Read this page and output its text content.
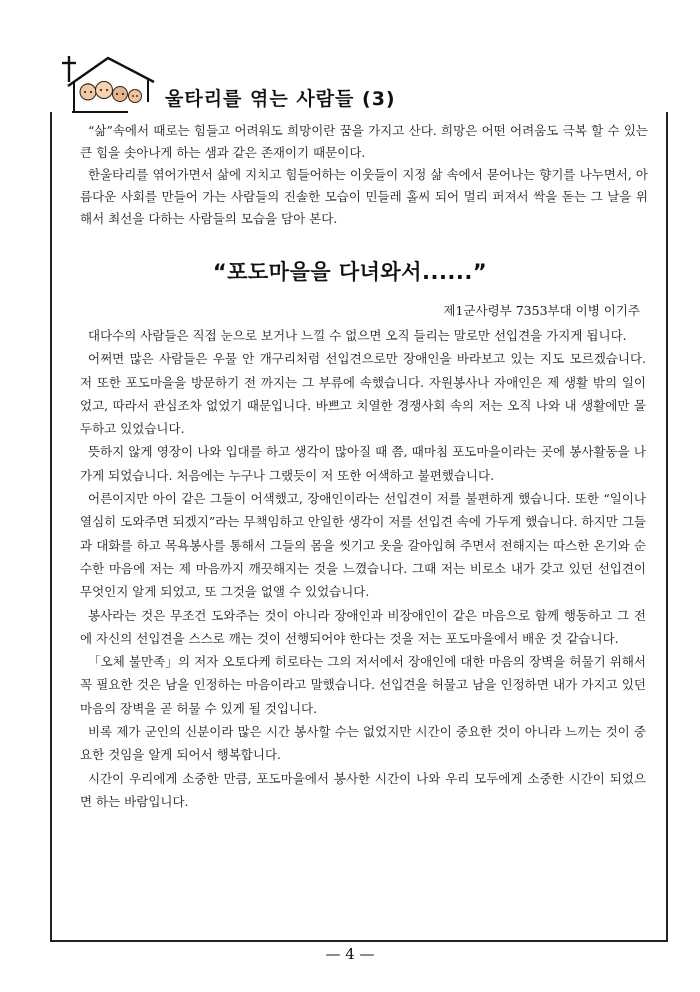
울타리를 엮는 사람들 (3)

“삶”속에서 때로는 힘들고 어려워도 희망이란 꿈을 가지고 산다. 희망은 어떤 어려움도 극복 할 수 있는 큰 힘을 솟아나게 하는 샘과 같은 존재이기 때문이다.

한울타리를 엮어가면서 삶에 지치고 힘들어하는 이웃들이 지정 삶 속에서 묻어나는 향기를 나누면서, 아름다운 사회를 만들어 가는 사람들의 진솔한 모습이 민들레 홀씨 되어 멀리 퍼져서 싹을 돋는 그 날을 위해서 최선을 다하는 사람들의 모습을 담아 본다.

“포도마을을 다녀와서......”
제1군사령부 7353부대 이병 이기주

대다수의 사람들은 직접 눈으로 보거나 느낄 수 없으면 오직 들리는 말로만 선입견을 가지게 됩니다.

어쩌면 많은 사람들은 우물 안 개구리처럼 선입견으로만 장애인을 바라보고 있는 지도 모르겠습니다. 저 또한 포도마을을 방문하기 전 까지는 그 부류에 속했습니다. 자원봉사나 자애인은 제 생활 밖의 일이었고, 따라서 관심조차 없었기 때문입니다. 바쁘고 치열한 경쟁사회 속의 저는 오직 나와 내 생활에만 몰두하고 있었습니다.

뜻하지 않게 영장이 나와 입대를 하고 생각이 많아질 때 쯤, 때마침 포도마을이라는 곳에 봉사활동을 나가게 되었습니다. 처음에는 누구나 그랬듯이 저 또한 어색하고 불편했습니다.

어른이지만 아이 같은 그들이 어색했고, 장애인이라는 선입견이 저를 불편하게 했습니다. 또한 “일이나 열심히 도와주면 되겠지”라는 무책임하고 안일한 생각이 저를 선입견 속에 가두게 했습니다. 하지만 그들과 대화를 하고 목욕봉사를 통해서 그들의 몸을 씻기고 옷을 갈아입혀 주면서 전해지는 따스한 온기와 순수한 마음에 저는 제 마음까지 깨끗해지는 것을 느꼈습니다. 그때 저는 비로소 내가 갖고 있던 선입견이 무엇인지 알게 되었고, 또 그것을 없앨 수 있었습니다.

봉사라는 것은 무조건 도와주는 것이 아니라 장애인과 비장애인이 같은 마음으로 함께 행동하고 그 전에 자신의 선입견을 스스로 깨는 것이 선행되어야 한다는 것을 저는 포도마을에서 배운 것 같습니다.

「오체 불만족」의 저자 오토다케 히로타는 그의 저서에서 장애인에 대한 마음의 장벽을 허물기 위해서 꼭 필요한 것은 남을 인정하는 마음이라고 말했습니다. 선입견을 허물고 남을 인정하면 내가 가지고 있던 마음의 장벽을 곧 허물 수 있게 될 것입니다.

비록 제가 군인의 신분이라 많은 시간 봉사할 수는 없었지만 시간이 중요한 것이 아니라 느끼는 것이 중요한 것임을 알게 되어서 행복합니다.

시간이 우리에게 소중한 만큼, 포도마을에서 봉사한 시간이 나와 우리 모두에게 소중한 시간이 되었으면 하는 바람입니다.

— 4 —
